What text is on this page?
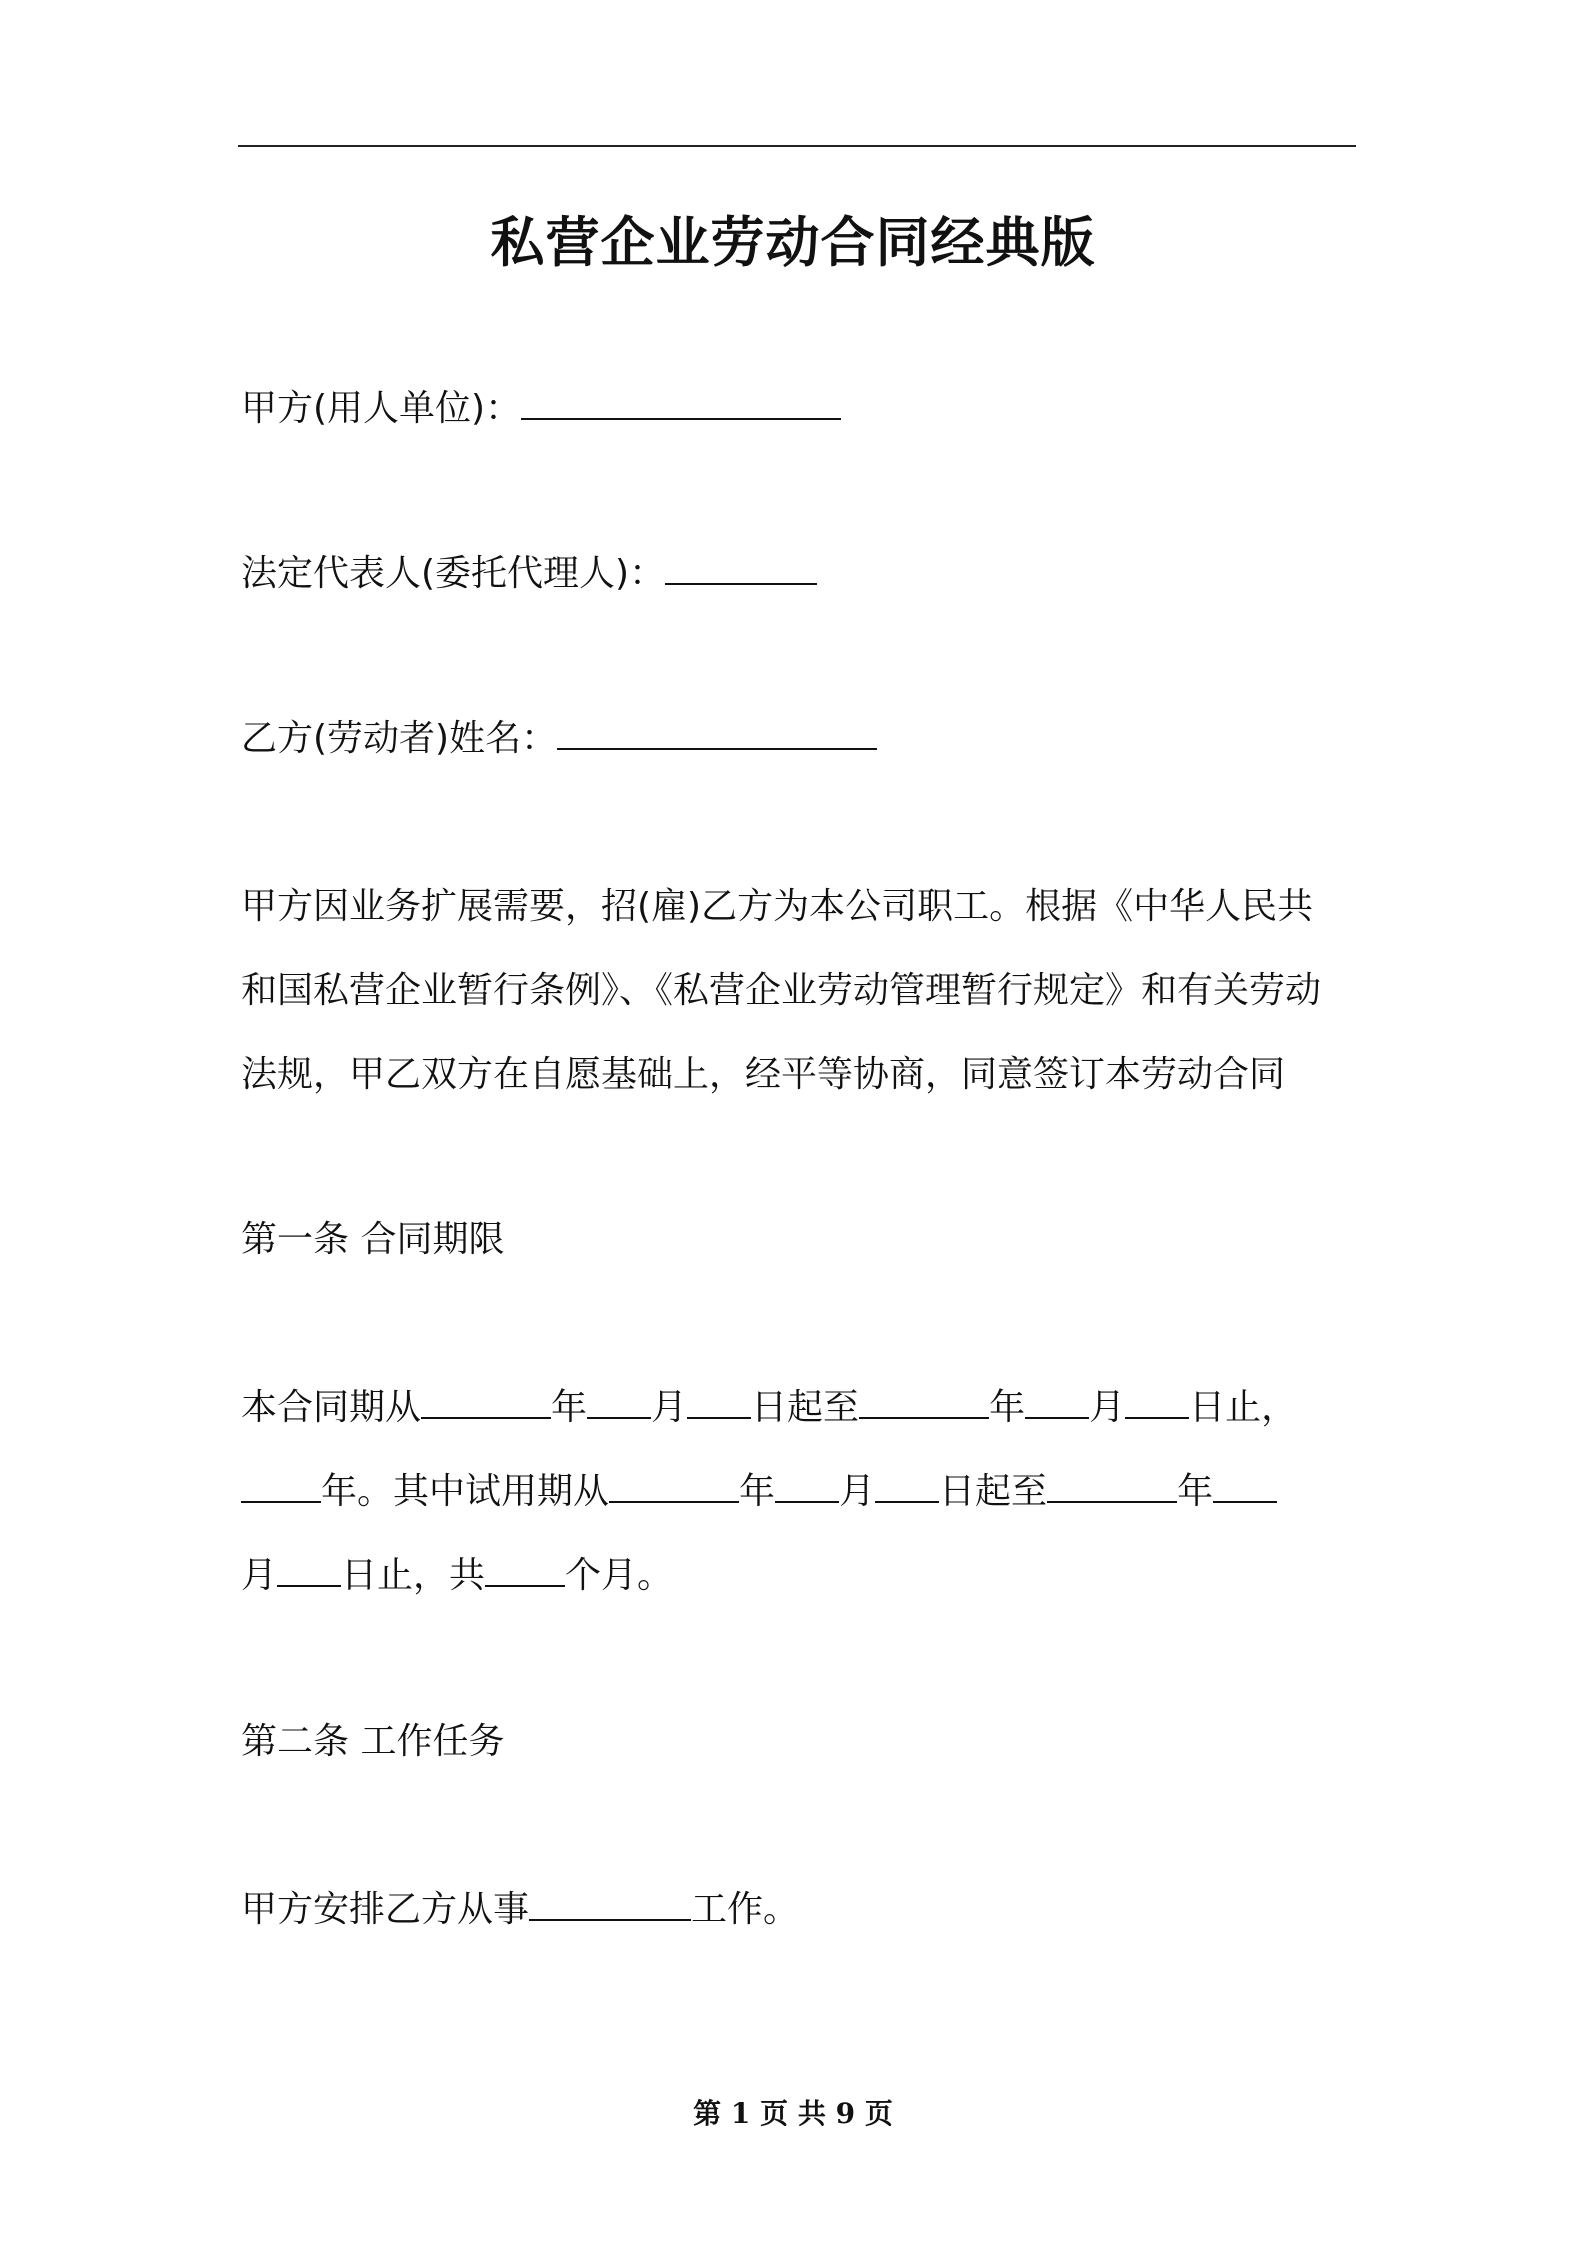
私营企业劳动合同经典版

甲方(用人单位)：

法定代表人(委托代理人)：

乙方(劳动者)姓名：

甲方因业务扩展需要，招(雇)乙方为本公司职工。根据《中华人民共
和国私营企业暂行条例》、《私营企业劳动管理暂行规定》和有关劳动
法规，甲乙双方在自愿基础上，经平等协商，同意签订本劳动合同

第一条 合同期限

本合同期从	年 月 日起至	年 月 日止，
年。其中试用期从	年 月 日起至	年
月 日止，共 个月。

第二条 工作任务

甲方安排乙方从事	工作。

第 1 页 共 9 页
